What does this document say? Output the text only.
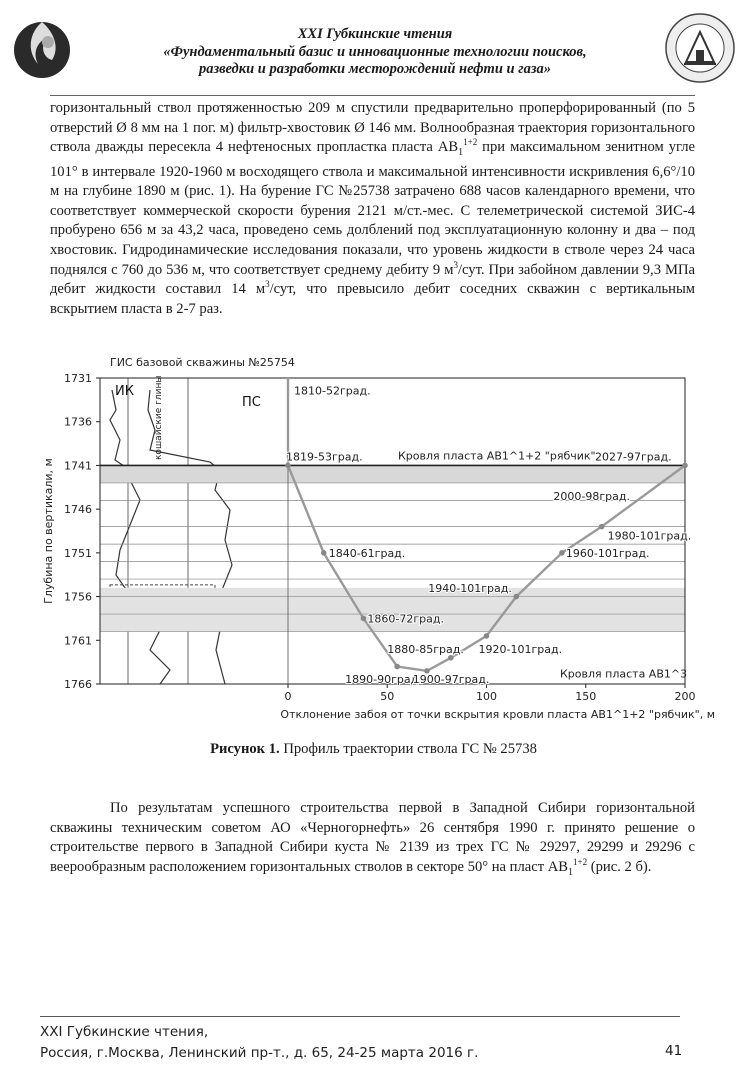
XXI Губкинские чтения
«Фундаментальный базис и инновационные технологии поисков,
разведки и разработки месторождений нефти и газа»
горизонтальный ствол протяженностью 209 м спустили предварительно проперфорированный (по 5 отверстий Ø 8 мм на 1 пог. м) фильтр-хвостовик Ø 146 мм. Волнообразная траектория горизонтального ствола дважды пересекла 4 нефтеносных пропластка пласта $АВ_1^{1+2}$ при максимальном зенитном угле 101° в интервале 1920-1960 м восходящего ствола и максимальной интенсивности искривления 6,6°/10 м на глубине 1890 м (рис. 1). На бурение ГС №25738 затрачено 688 часов календарного времени, что соответствует коммерческой скорости бурения 2121 м/ст.-мес. С телеметрической системой ЗИС-4 пробурено 656 м за 43,2 часа, проведено семь долблений под эксплуатационную колонну и два – под хвостовик. Гидродинамические исследования показали, что уровень жидкости в стволе через 24 часа поднялся с 760 до 536 м, что соответствует среднему дебиту 9 $м^3$/сут. При забойном давлении 9,3 МПа дебит жидкости составил 14 $м^3$/сут, что превысило дебит соседних скважин с вертикальным вскрытием пласта в 2-7 раз.
ИК
ПС
кошайские глины
1731
1736
1741
1746
1751
1756
1761
1766
0	50	100	150	200
ГИС базовой скважины №25754
Отклонение забоя от точки вскрытия кровли пласта АВ1^1+2 "рябчик", м
Глубина по вертикали, м
Кровля пласта АВ1^1+2 "рябчик"
Кровля пласта АВ1^3
1810-52град.
1819-53град.
1840-61град.
1860-72град.
1880-85град.
1890-90град.
1900-97град.
1920-101град.
1940-101град.
1960-101град.
1980-101град.
2000-98град.
2027-97град.
Рисунок 1. Профиль траектории ствола ГС № 25738
По результатам успешного строительства первой в Западной Сибири горизонтальной скважины техническим советом АО «Черногорнефть» 26 сентября 1990 г. принято решение о строительстве первого в Западной Сибири куста № 2139 из трех ГС № 29297, 29299 и 29296 с веерообразным расположением горизонтальных стволов в секторе 50° на пласт $АВ_1^{1+2}$ (рис. 2 б).
XXI Губкинские чтения,
Россия, г.Москва, Ленинский пр-т., д. 65, 24-25 марта 2016 г.	41
